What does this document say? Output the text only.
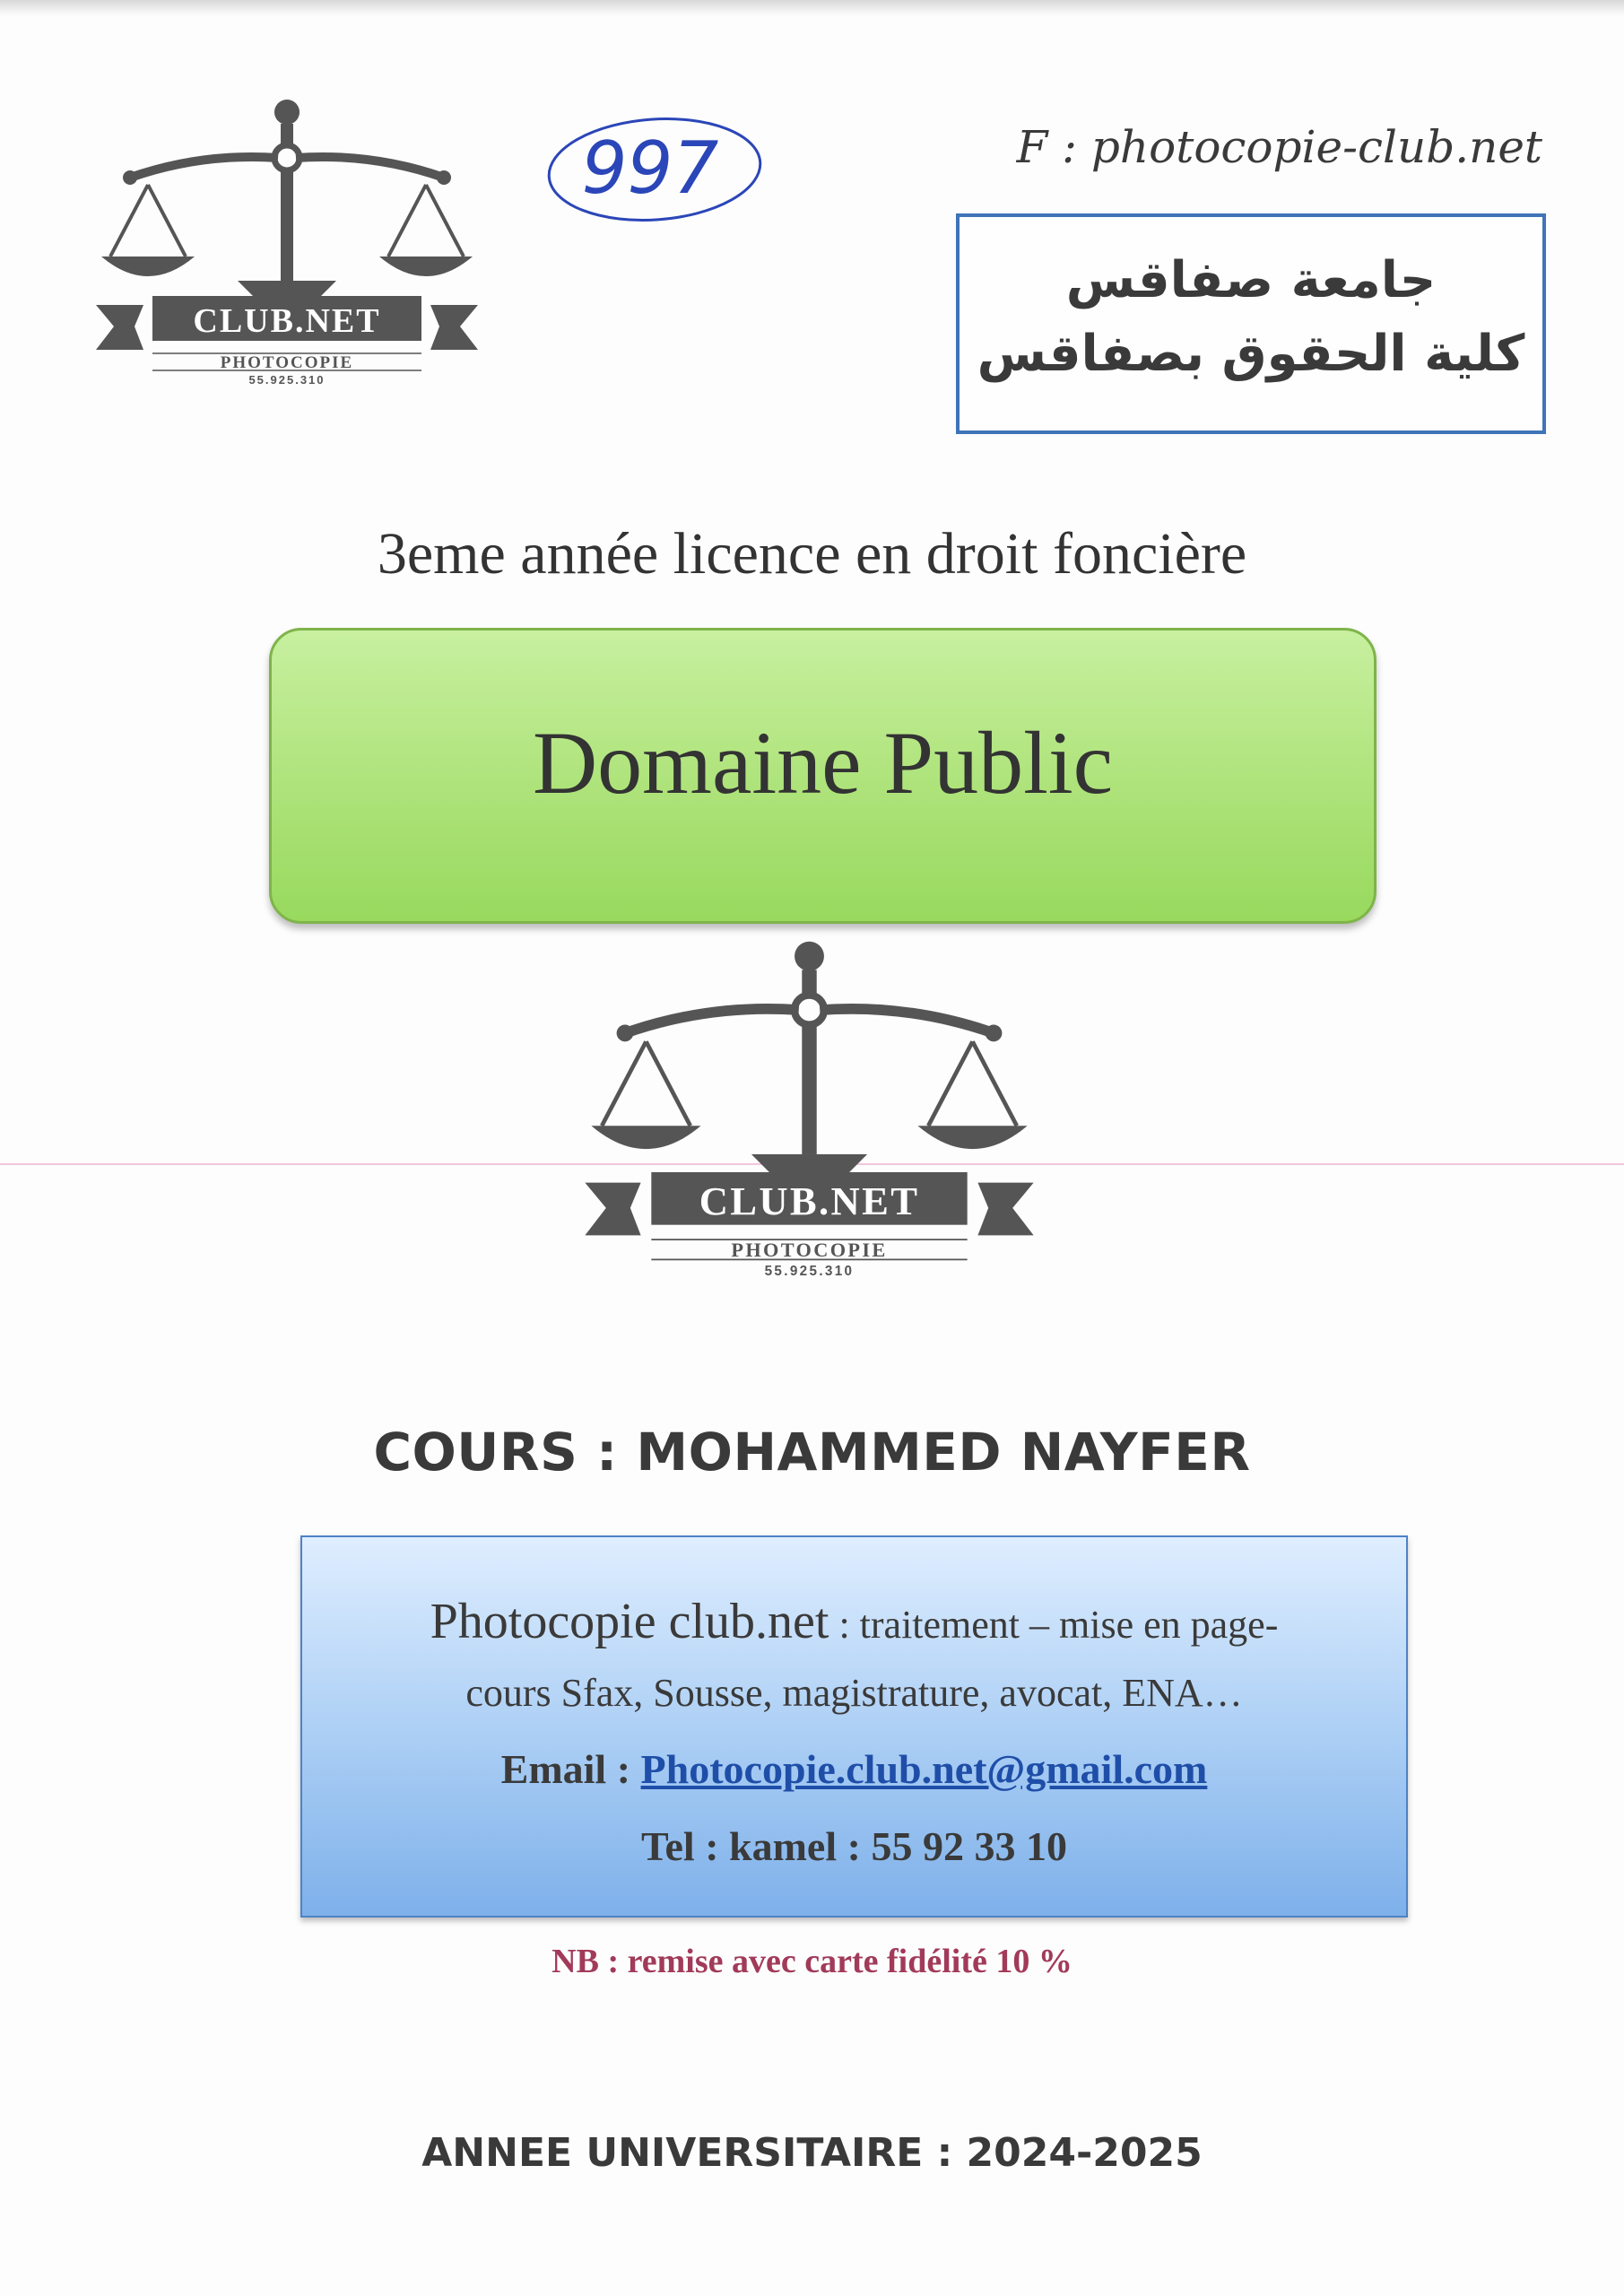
CLUB.NET
PHOTOCOPIE
55.925.310
997	F : photocopie-club.net
جامعة صفاقس
كلية الحقوق بصفاقس
3eme année licence en droit foncière
Domaine Public
CLUB.NET
PHOTOCOPIE
55.925.310
COURS : MOHAMMED NAYFER
Photocopie club.net : traitement – mise en page-
cours Sfax, Sousse, magistrature, avocat, ENA…
Email : Photocopie.club.net@gmail.com
Tel : kamel : 55 92 33 10
NB : remise avec carte fidélité 10 %
ANNEE UNIVERSITAIRE : 2024-2025
